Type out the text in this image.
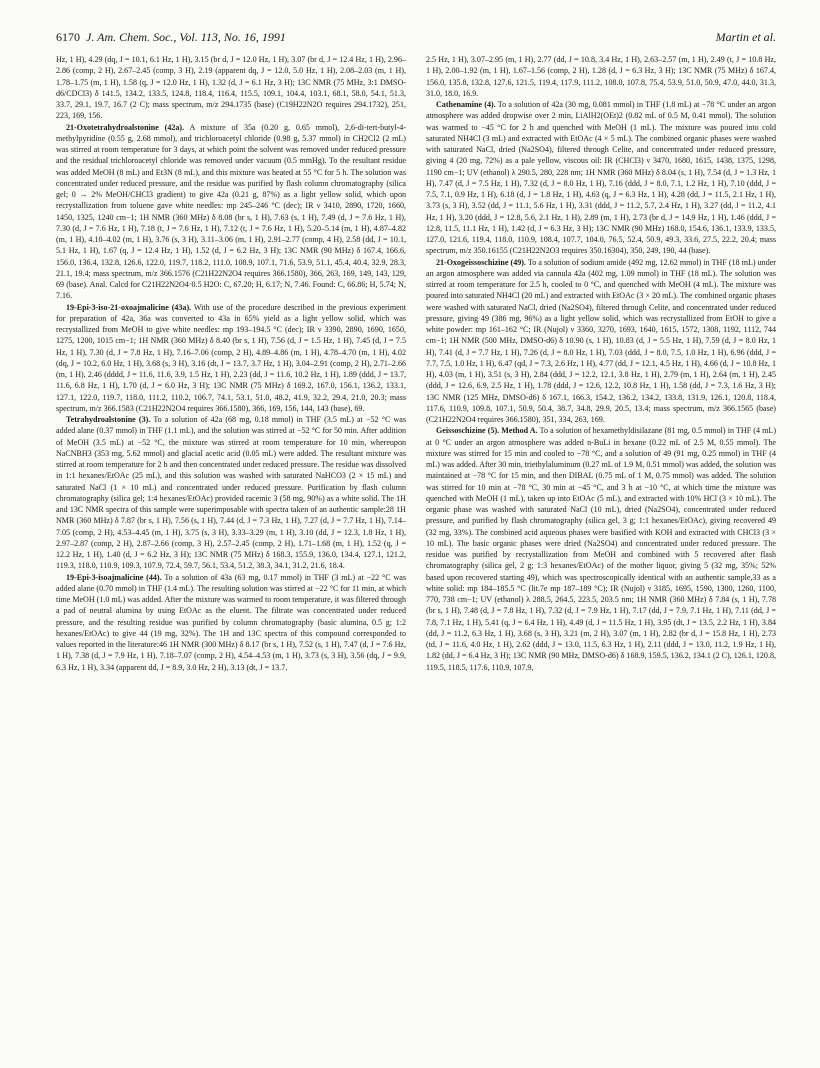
6170 J. Am. Chem. Soc., Vol. 113, No. 16, 1991	Martin et al.

Hz, 1 H), 4.29 (dq, J = 10.1, 6.1 Hz, 1 H), 3.15 (br d, J = 12.0 Hz, 1 H), 3.07 (br d, J = 12.4 Hz, 1 H), 2.96–2.86 (comp, 2 H), 2.67–2.45 (comp, 3 H), 2.19 (apparent dq, J = 12.0, 5.0 Hz, 1 H), 2.08–2.03 (m, 1 H), 1.78–1.75 (m, 1 H), 1.58 (q, J = 12.0 Hz, 1 H), 1.32 (d, J = 6.1 Hz, 3 H); 13C NMR (75 MHz, 3:1 DMSO-d6/CDCl3) δ 141.5, 134.2, 133.5, 124.8, 118.4, 116.4, 115.5, 109.1, 104.4, 103.1, 68.1, 58.0, 54.1, 51.3, 33.7, 29.1, 19.7, 16.7 (2 C); mass spectrum, m/z 294.1735 (base) (C19H22N2O requires 294.1732), 251, 223, 169, 156.

21-Oxotetrahydroalstonine (42a). A mixture of 35a (0.20 g, 0.65 mmol), 2,6-di-tert-butyl-4-methylpyridine (0.55 g, 2.68 mmol), and trichloroacetyl chloride (0.98 g, 5.37 mmol) in CH2Cl2 (2 mL) was stirred at room temperature for 3 days, at which point the solvent was removed under reduced pressure and the residual trichloroacetyl chloride was removed under vacuum (0.5 mmHg). To the resultant residue was added MeOH (8 mL) and Et3N (8 mL), and this mixture was heated at 55 °C for 5 h. The solution was concentrated under reduced pressure, and the residue was purified by flash column chromatography (silica gel; 0 → 2% MeOH/CHCl3 gradient) to give 42a (0.21 g, 87%) as a light yellow solid, which upon recrystallization from toluene gave white needles: mp 245–246 °C (dec); IR ν 3410, 2890, 1720, 1660, 1450, 1325, 1240 cm−1; 1H NMR (360 MHz) δ 8.08 (br s, 1 H), 7.63 (s, 1 H), 7.49 (d, J = 7.6 Hz, 1 H), 7.30 (d, J = 7.6 Hz, 1 H), 7.18 (t, J = 7.6 Hz, 1 H), 7.12 (t, J = 7.6 Hz, 1 H), 5.20–5.14 (m, 1 H), 4.87–4.82 (m, 1 H), 4.10–4.02 (m, 1 H), 3.76 (s, 3 H), 3.11–3.06 (m, 1 H), 2.91–2.77 (comp, 4 H), 2.58 (dd, J = 10.1, 5.1 Hz, 1 H), 1.67 (q, J = 12.4 Hz, 1 H), 1.52 (d, J = 6.2 Hz, 3 H); 13C NMR (90 MHz) δ 167.4, 166.6, 156.0, 136.4, 132.8, 126.6, 122.0, 119.7, 118.2, 111.0, 108.9, 107.1, 71.6, 53.9, 51.1, 45.4, 40.4, 32.9, 28.3, 21.1, 19.4; mass spectrum, m/z 366.1576 (C21H22N2O4 requires 366.1580), 366, 263, 169, 149, 143, 129, 69 (base). Anal. Calcd for C21H22N2O4·0.5 H2O: C, 67.20; H, 6.17; N, 7.46. Found: C, 66.86; H, 5.74; N, 7.16.

19-Epi-3-iso-21-oxoajmalicine (43a). With use of the procedure described in the previous experiment for preparation of 42a, 36a was converted to 43a in 65% yield as a light yellow solid, which was recrystallized from MeOH to give white needles: mp 193–194.5 °C (dec); IR ν 3390, 2890, 1690, 1650, 1275, 1200, 1015 cm−1; 1H NMR (360 MHz) δ 8.40 (br s, 1 H), 7.56 (d, J = 1.5 Hz, 1 H), 7.45 (d, J = 7.5 Hz, 1 H), 7.30 (d, J = 7.8 Hz, 1 H), 7.16–7.06 (comp, 2 H), 4.89–4.86 (m, 1 H), 4.78–4.70 (m, 1 H), 4.02 (dq, J = 10.2, 6.0 Hz, 1 H), 3.68 (s, 3 H), 3.16 (dt, J = 13.7, 3.7 Hz, 1 H), 3.04–2.91 (comp, 2 H), 2.71–2.66 (m, 1 H), 2.46 (dddd, J = 11.6, 11.6, 3.9, 1.5 Hz, 1 H), 2.23 (dd, J = 11.6, 10.2 Hz, 1 H), 1.89 (ddd, J = 13.7, 11.6, 6.8 Hz, 1 H), 1.70 (d, J = 6.0 Hz, 3 H); 13C NMR (75 MHz) δ 169.2, 167.0, 156.1, 136.2, 133.1, 127.1, 122.0, 119.7, 118.0, 111.2, 110.2, 106.7, 74.1, 53.1, 51.0, 48.2, 41.9, 32.2, 29.4, 21.0, 20.3; mass spectrum, m/z 366.1583 (C21H22N2O4 requires 366.1580), 366, 169, 156, 144, 143 (base), 69.

Tetrahydroalstonine (3). To a solution of 42a (68 mg, 0.18 mmol) in THF (3.5 mL) at −52 °C was added alane (0.37 mmol) in THF (1.1 mL), and the solution was stirred at −52 °C for 50 min. After addition of MeOH (3.5 mL) at −52 °C, the mixture was stirred at room temperature for 10 min, whereupon NaCNBH3 (353 mg, 5.62 mmol) and glacial acetic acid (0.05 mL) were added. The resultant mixture was stirred at room temperature for 2 h and then concentrated under reduced pressure. The residue was dissolved in 1:1 hexanes/EtOAc (25 mL), and this solution was washed with saturated NaHCO3 (2 × 15 mL) and saturated NaCl (1 × 10 mL) and concentrated under reduced pressure. Purification by flash column chromatography (silica gel; 1:4 hexanes/EtOAc) provided racemic 3 (58 mg, 90%) as a white solid. The 1H and 13C NMR spectra of this sample were superimposable with spectra taken of an authentic sample:28 1H NMR (360 MHz) δ 7.87 (br s, 1 H), 7.56 (s, 1 H), 7.44 (d, J = 7.3 Hz, 1 H), 7.27 (d, J = 7.7 Hz, 1 H), 7.14–7.05 (comp, 2 H), 4.53–4.45 (m, 1 H), 3.75 (s, 3 H), 3.33–3.29 (m, 1 H), 3.10 (dd, J = 12.3, 1.8 Hz, 1 H), 2.97–2.87 (comp, 2 H), 2.87–2.66 (comp, 3 H), 2.57–2.45 (comp, 2 H), 1.71–1.68 (m, 1 H), 1.52 (q, J = 12.2 Hz, 1 H), 1.40 (d, J = 6.2 Hz, 3 H); 13C NMR (75 MHz) δ 168.3, 155.9, 136.0, 134.4, 127.1, 121.2, 119.3, 118.0, 110.9, 109.3, 107.9, 72.4, 59.7, 56.1, 53.4, 51.2, 38.3, 34.1, 31.2, 21.6, 18.4.

19-Epi-3-isoajmalicine (44). To a solution of 43a (63 mg, 0.17 mmol) in THF (3 mL) at −22 °C was added alane (0.70 mmol) in THF (1.4 mL). The resulting solution was stirred at −22 °C for 11 min, at which time MeOH (1.0 mL) was added. After the mixture was warmed to room temperature, it was filtered through a pad of neutral alumina by using EtOAc as the eluent. The filtrate was concentrated under reduced pressure, and the resulting residue was purified by column chromatography (basic alumina, 0.5 g; 1:2 hexanes/EtOAc) to give 44 (19 mg, 32%). The 1H and 13C spectra of this compound corresponded to values reported in the literature:46 1H NMR (300 MHz) δ 8.17 (br s, 1 H), 7.52 (s, 1 H), 7.47 (d, J = 7.6 Hz, 1 H), 7.38 (d, J = 7.9 Hz, 1 H), 7.18–7.07 (comp, 2 H), 4.54–4.53 (m, 1 H), 3.73 (s, 3 H), 3.56 (dq, J = 9.9, 6.3 Hz, 1 H), 3.34 (apparent dd, J = 8.9, 3.0 Hz, 2 H), 3.13 (dt, J = 13.7,

2.5 Hz, 1 H), 3.07–2.95 (m, 1 H), 2.77 (dd, J = 10.8, 3.4 Hz, 1 H), 2.63–2.57 (m, 1 H), 2.49 (t, J = 10.8 Hz, 1 H), 2.00–1.92 (m, 1 H), 1.67–1.56 (comp, 2 H), 1.28 (d, J = 6.3 Hz, 3 H); 13C NMR (75 MHz) δ 167.4, 156.0, 135.8, 132.8, 127.6, 121.5, 119.4, 117.9, 111.2, 108.0, 107.8, 75.4, 53.9, 51.0, 50.9, 47.0, 44.0, 31.3, 31.0, 18.0, 16.9.

Cathenamine (4). To a solution of 42a (30 mg, 0.081 mmol) in THF (1.8 mL) at −78 °C under an argon atmosphere was added dropwise over 2 min, LiAlH2(OEt)2 (0.82 mL of 0.5 M, 0.41 mmol). The solution was warmed to −45 °C for 2 h and quenched with MeOH (1 mL). The mixture was poured into cold saturated NH4Cl (3 mL) and extracted with EtOAc (4 × 5 mL). The combined organic phases were washed with saturated NaCl, dried (Na2SO4), filtered through Celite, and concentrated under reduced pressure, giving 4 (20 mg, 72%) as a pale yellow, viscous oil: IR (CHCl3) ν 3470, 1680, 1615, 1438, 1375, 1298, 1190 cm−1; UV (ethanol) λ 290.5, 280, 228 nm; 1H NMR (360 MHz) δ 8.04 (s, 1 H), 7.54 (d, J = 1.3 Hz, 1 H), 7.47 (d, J = 7.5 Hz, 1 H), 7.32 (d, J = 8.0 Hz, 1 H), 7.16 (ddd, J = 8.0, 7.1, 1.2 Hz, 1 H), 7.10 (ddd, J = 7.5, 7.1, 0.9 Hz, 1 H), 6.18 (d, J = 1.8 Hz, 1 H), 4.63 (q, J = 6.3 Hz, 1 H), 4.28 (dd, J = 11.5, 2.1 Hz, 1 H), 3.73 (s, 3 H), 3.52 (dd, J = 11.1, 5.6 Hz, 1 H), 3.31 (ddd, J = 11.2, 5.7, 2.4 Hz, 1 H), 3.27 (dd, J = 11.2, 4.1 Hz, 1 H), 3.20 (ddd, J = 12.8, 5.6, 2.1 Hz, 1 H), 2.89 (m, 1 H), 2.73 (br d, J = 14.9 Hz, 1 H), 1.46 (ddd, J = 12.8, 11.5, 11.1 Hz, 1 H), 1.42 (d, J = 6.3 Hz, 3 H); 13C NMR (90 MHz) 168.0, 154.6, 136.1, 133.9, 133.5, 127.0, 121.6, 119.4, 118.0, 110.9, 108.4, 107.7, 104.0, 76.5, 52.4, 50.9, 49.3, 33.6, 27.5, 22.2, 20.4; mass spectrum, m/z 350.16155 (C21H22N2O3 requires 350.16304), 350, 249, 190, 44 (base).

21-Oxogeissoschizine (49). To a solution of sodium amide (492 mg, 12.62 mmol) in THF (18 mL) under an argon atmosphere was added via cannula 42a (402 mg, 1.09 mmol) in THF (18 mL). The solution was stirred at room temperature for 2.5 h, cooled to 0 °C, and quenched with MeOH (4 mL). The mixture was poured into saturated NH4Cl (20 mL) and extracted with EtOAc (3 × 20 mL). The combined organic phases were washed with saturated NaCl, dried (Na2SO4), filtered through Celite, and concentrated under reduced pressure, giving 49 (386 mg, 96%) as a light yellow solid, which was recrystallized from EtOH to give a white powder: mp 161–162 °C; IR (Nujol) ν 3360, 3270, 1693, 1640, 1615, 1572, 1308, 1192, 1112, 744 cm−1; 1H NMR (500 MHz, DMSO-d6) δ 10.90 (s, 1 H), 10.83 (d, J = 5.5 Hz, 1 H), 7.59 (d, J = 8.0 Hz, 1 H), 7.41 (d, J = 7.7 Hz, 1 H), 7.26 (d, J = 8.0 Hz, 1 H), 7.03 (ddd, J = 8.0, 7.5, 1.0 Hz, 1 H), 6.96 (ddd, J = 7.7, 7.5, 1.0 Hz, 1 H), 6.47 (qd, J = 7.3, 2.6 Hz, 1 H), 4.77 (dd, J = 12.1, 4.5 Hz, 1 H), 4.66 (d, J = 10.8 Hz, 1 H), 4.03 (m, 1 H), 3.51 (s, 3 H), 2.84 (ddd, J = 12.2, 12.1, 3.8 Hz, 1 H), 2.79 (m, 1 H), 2.64 (m, 1 H), 2.45 (ddd, J = 12.6, 6.9, 2.5 Hz, 1 H), 1.78 (ddd, J = 12.6, 12.2, 10.8 Hz, 1 H), 1.58 (dd, J = 7.3, 1.6 Hz, 3 H); 13C NMR (125 MHz, DMSO-d6) δ 167.1, 166.3, 154.2, 136.2, 134.2, 133.8, 131.9, 126.1, 120.8, 118.4, 117.6, 110.9, 109.8, 107.1, 50.9, 50.4, 38.7, 34.8, 29.9, 20.5, 13.4; mass spectrum, m/z 366.1565 (base) (C21H22N2O4 requires 366.1580), 351, 334, 263, 169.

Geissoschizine (5). Method A. To a solution of hexamethyldisilazane (81 mg, 0.5 mmol) in THF (4 mL) at 0 °C under an argon atmosphere was added n-BuLi in hexane (0.22 mL of 2.5 M, 0.55 mmol). The mixture was stirred for 15 min and cooled to −78 °C, and a solution of 49 (91 mg, 0.25 mmol) in THF (4 mL) was added. After 30 min, triethylaluminum (0.27 mL of 1.9 M, 0.51 mmol) was added, the solution was maintained at −78 °C for 15 min, and then DIBAL (0.75 mL of 1 M, 0.75 mmol) was added. The solution was stirred for 10 min at −78 °C, 30 min at −45 °C, and 3 h at −10 °C, at which time the mixture was quenched with MeOH (1 mL), taken up into EtOAc (5 mL), and extracted with 10% HCl (3 × 10 mL). The organic phase was washed with saturated NaCl (10 mL), dried (Na2SO4), concentrated under reduced pressure, and purified by flash chromatography (silica gel, 3 g; 1:1 hexanes/EtOAc), giving recovered 49 (32 mg, 33%). The combined acid aqueous phases were basified with KOH and extracted with CHCl3 (3 × 10 mL). The basic organic phases were dried (Na2SO4) and concentrated under reduced pressure. The residue was purified by recrystallization from MeOH and combined with 5 recovered after flash chromatography (silica gel, 2 g; 1:3 hexanes/EtOAc) of the mother liquor, giving 5 (32 mg, 35%; 52% based upon recovered starting 49), which was spectroscopically identical with an authentic sample,33 as a white solid: mp 184–185.5 °C (lit.7e mp 187–189 °C); IR (Nujol) ν 3185, 1695, 1590, 1300, 1260, 1100, 770, 738 cm−1; UV (ethanol) λ 288.5, 264.5, 223.5, 203.5 nm; 1H NMR (360 MHz) δ 7.84 (s, 1 H), 7.78 (br s, 1 H), 7.48 (d, J = 7.8 Hz, 1 H), 7.32 (d, J = 7.9 Hz, 1 H), 7.17 (dd, J = 7.9, 7.1 Hz, 1 H), 7.11 (dd, J = 7.8, 7.1 Hz, 1 H), 5.41 (q, J = 6.4 Hz, 1 H), 4.49 (d, J = 11.5 Hz, 1 H), 3.95 (dt, J = 13.5, 2.2 Hz, 1 H), 3.84 (dd, J = 11.2, 6.3 Hz, 1 H), 3.68 (s, 3 H), 3.21 (m, 2 H), 3.07 (m, 1 H), 2.82 (br d, J = 15.8 Hz, 1 H), 2.73 (td, J = 11.6, 4.0 Hz, 1 H), 2.62 (ddd, J = 13.0, 11.5, 6.3 Hz, 1 H), 2.11 (ddd, J = 13.0, 11.2, 1.9 Hz, 1 H), 1.82 (dd, J = 6.4 Hz, 3 H); 13C NMR (90 MHz, DMSO-d6) δ 168.9, 159.5, 136.2, 134.1 (2 C), 126.1, 120.8, 119.5, 118.5, 117.6, 110.9, 107.9,
